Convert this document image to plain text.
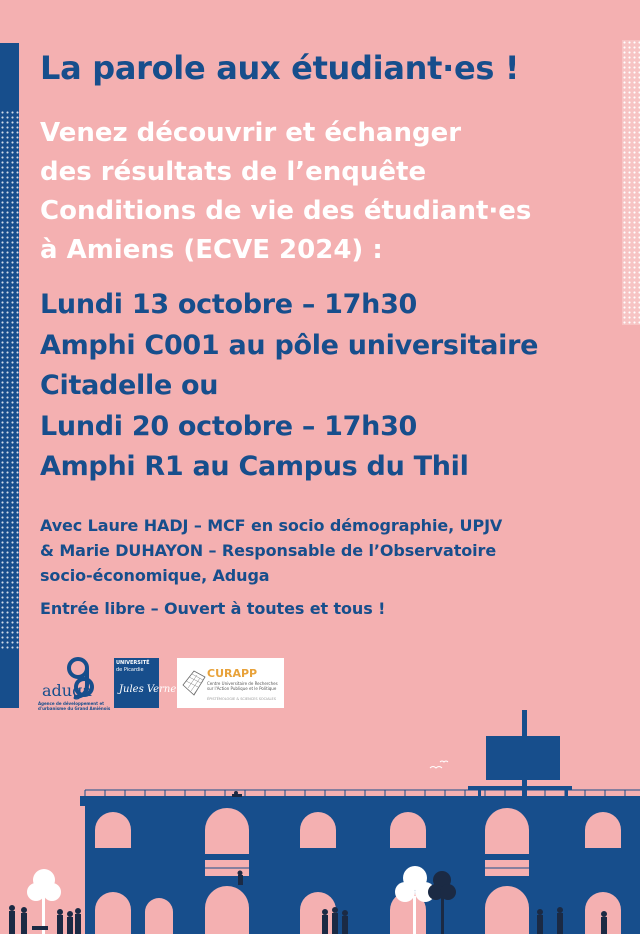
La parole aux étudiant·es !
Venez découvrir et échanger
des résultats de l’enquête
Conditions de vie des étudiant·es
à Amiens (ECVE 2024) :
Lundi 13 octobre – 17h30
Amphi C001 au pôle universitaire
Citadelle ou
Lundi 20 octobre – 17h30
Amphi R1 au Campus du Thil
Avec Laure HADJ – MCF en socio démographie, UPJV
& Marie DUHAYON – Responsable de l’Observatoire
socio-économique, Aduga
Entrée libre – Ouvert à toutes et tous !
aduga
Agence de développement et
d'urbanisme du Grand Amiénois
UNIVERSITÉ
de Picardie
Jules Verne
CURAPP
Centre Universitaire de Recherches
sur l'Action Publique et le Politique
ÉPISTÉMOLOGIE & SCIENCES SOCIALES
